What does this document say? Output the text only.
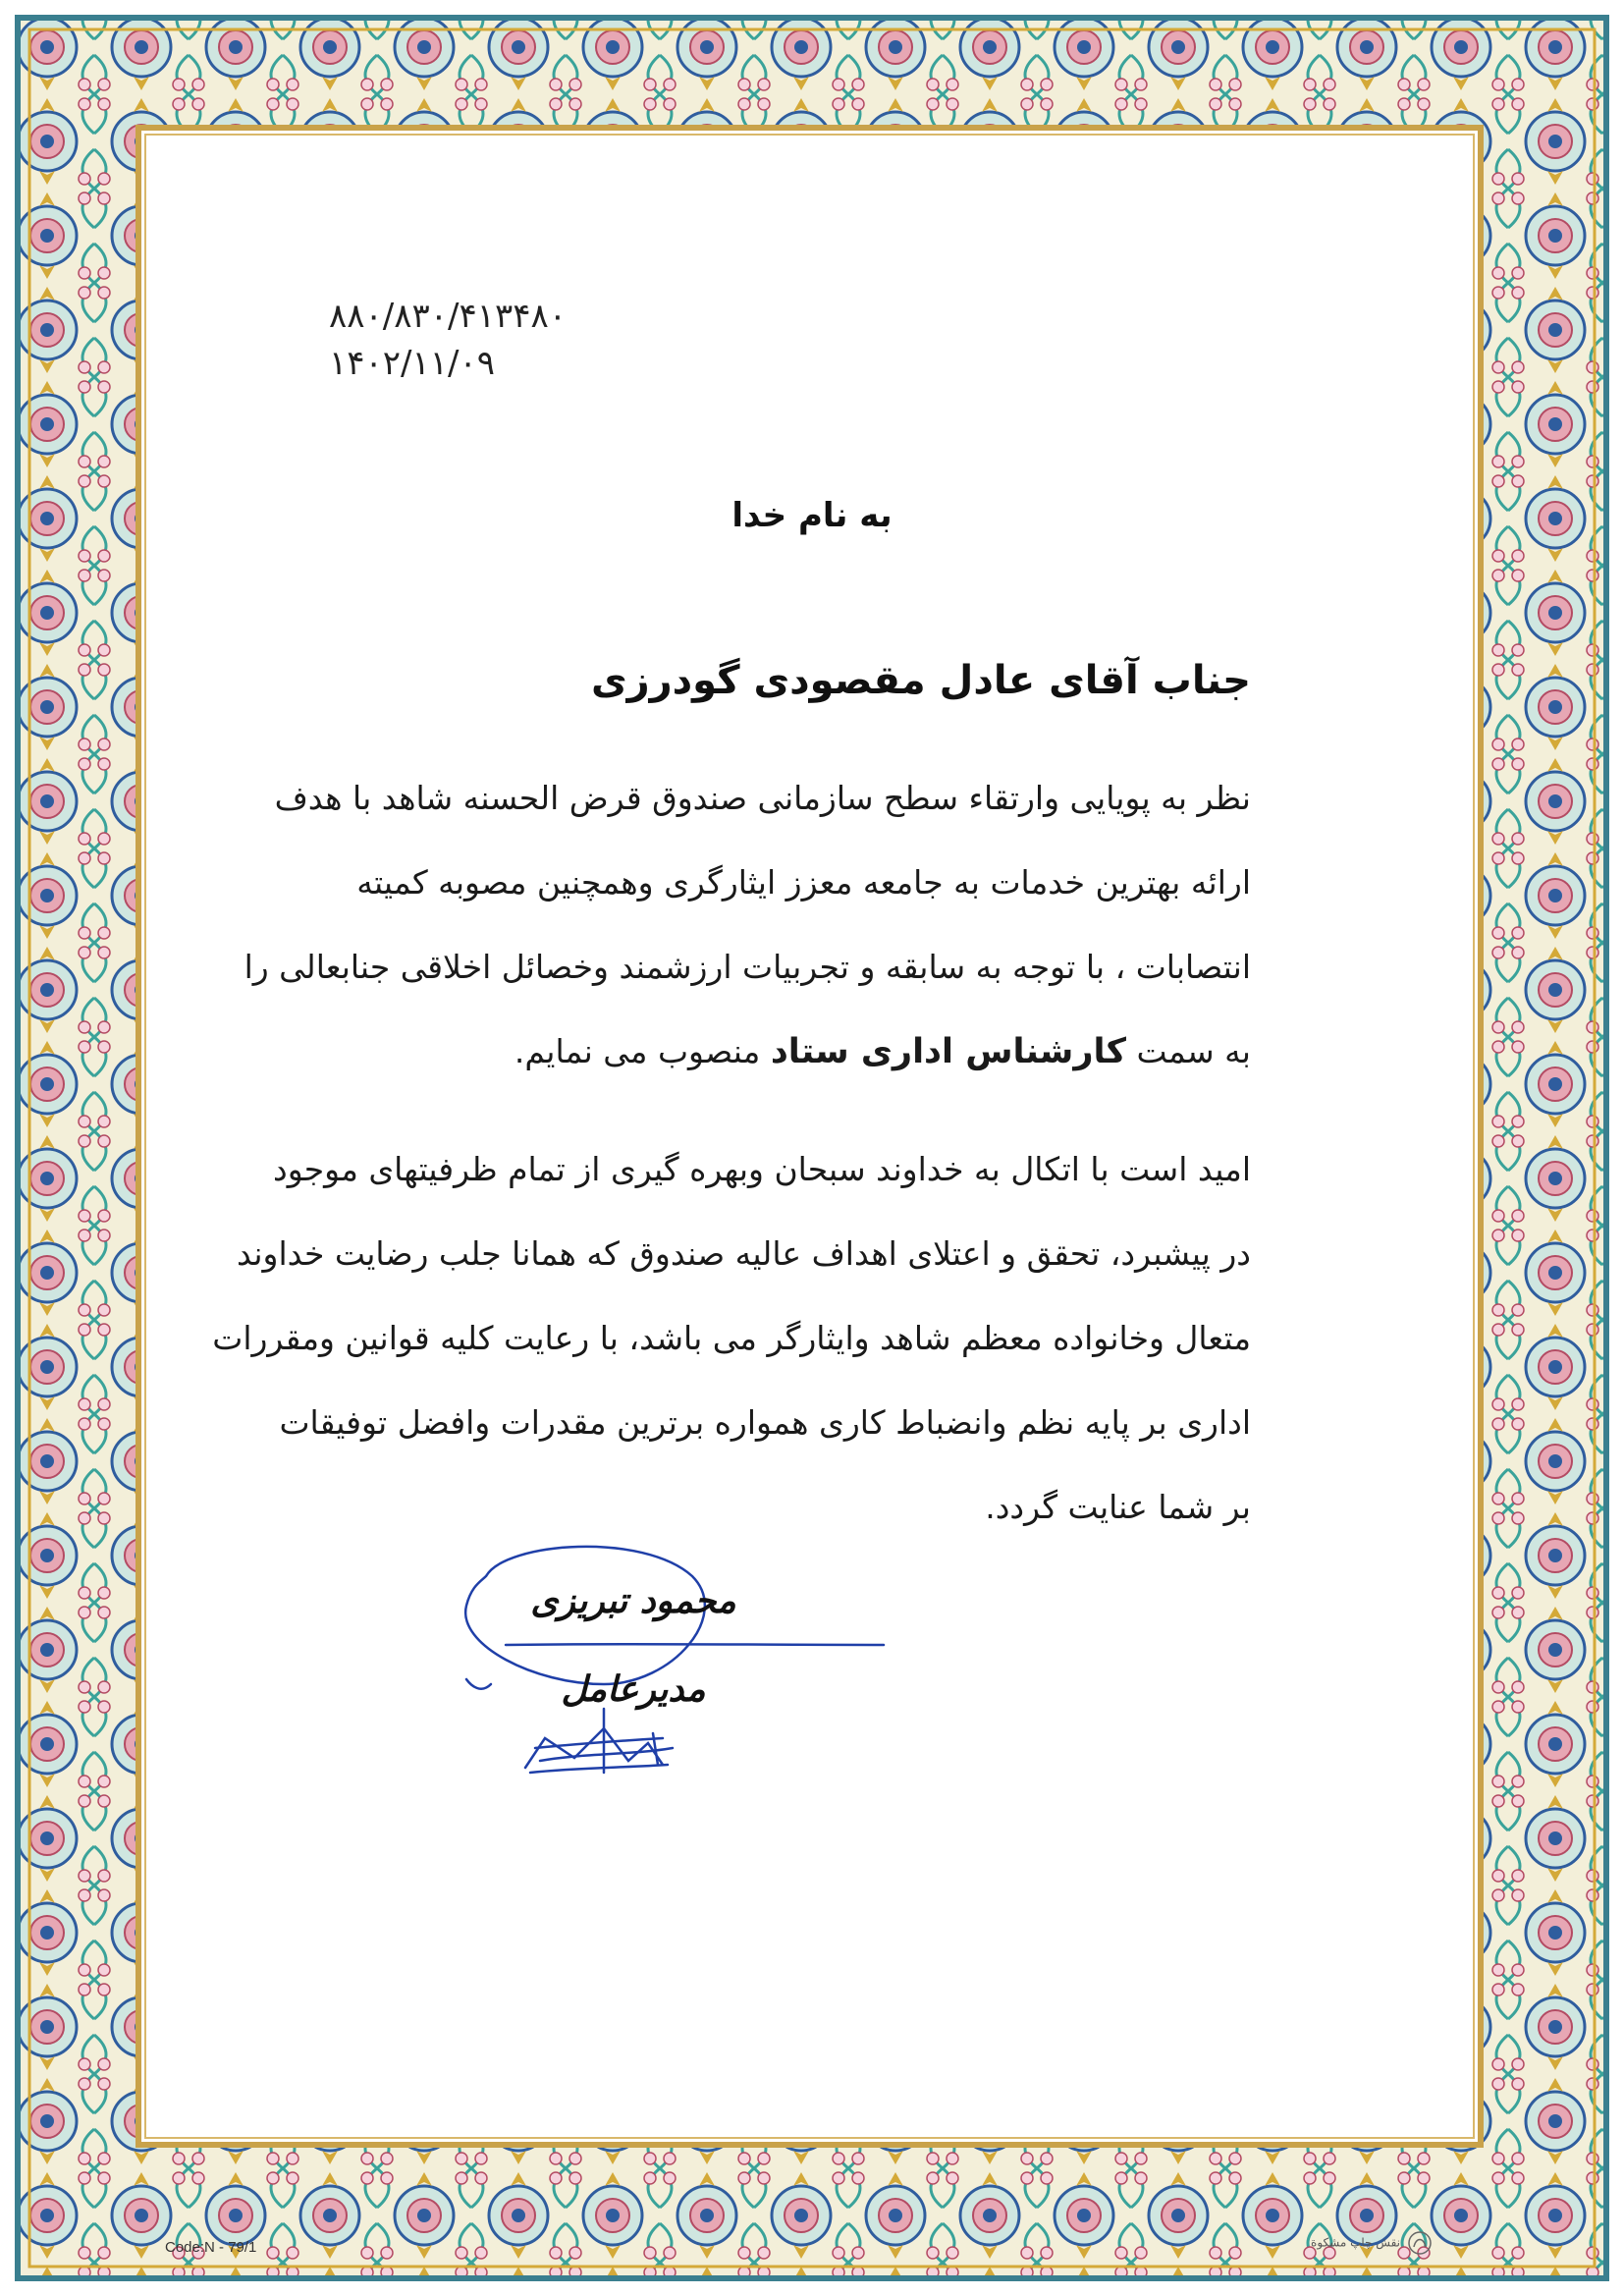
۸۸۰/۸۳۰/۴۱۳۴۸۰
۱۴۰۲/۱۱/۰۹
به نام خدا
جناب آقای عادل مقصودی گودرزی
نظر به پویایی وارتقاء سطح سازمانی صندوق قرض الحسنه شاهد با هدف
ارائه بهترین خدمات به جامعه معزز ایثارگری وهمچنین مصوبه کمیته
انتصابات ، با توجه به سابقه و تجربیات ارزشمند وخصائل اخلاقی جنابعالی را
به سمت کارشناس اداری ستاد منصوب می نمایم.
امید است با اتکال به خداوند سبحان وبهره گیری از تمام ظرفیتهای موجود
در پیشبرد، تحقق و اعتلای اهداف عالیه صندوق که همانا جلب رضایت خداوند
متعال وخانواده معظم شاهد وایثارگر می باشد، با رعایت کلیه قوانین ومقررات
اداری بر پایه نظم وانضباط کاری همواره برترین مقدرات وافضل توفیقات
بر شما عنایت گردد.
محمود تبریزی
مدیرعامل
Code:N - 79/1	نقش چاپ مشکوة
